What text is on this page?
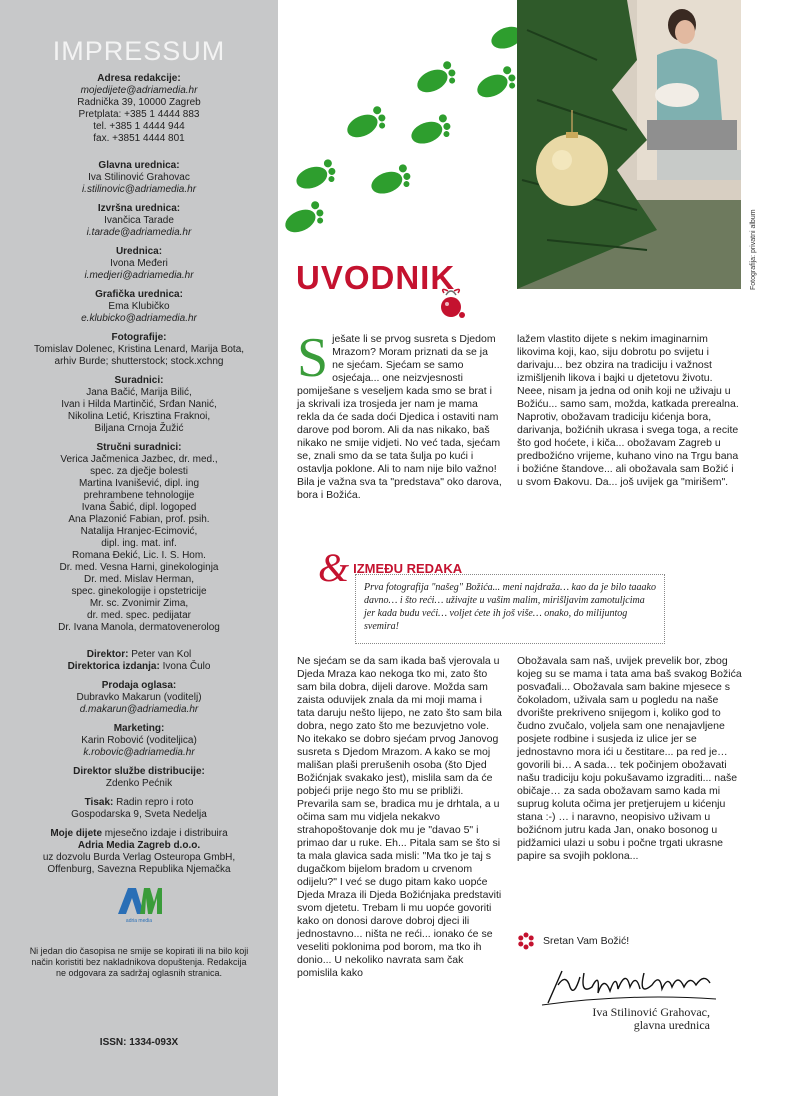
IMPRESSUM
Adresa redakcije:
mojedijete@adriamedia.hr
Radnička 39, 10000 Zagreb
Pretplata: +385 1 4444 883
tel. +385 1 4444 944
fax. +3851 4444 801
Glavna urednica:
Iva Stilinović Grahovac
i.stilinovic@adriamedia.hr
Izvršna urednica:
Ivančica Tarade
i.tarade@adriamedia.hr
Urednica:
Ivona Međeri
i.medjeri@adriamedia.hr
Grafička urednica:
Ema Klubičko
e.klubicko@adriamedia.hr
Fotografije:
Tomislav Dolenec, Kristina Lenard, Marija Bota,
arhiv Burde; shutterstock; stock.xchng
Suradnici:
Jana Bačić, Marija Bilić,
Ivan i Hilda Martinčić, Srđan Nanić,
Nikolina Letić, Krisztina Fraknoi,
Biljana Crnoja Žužić
Stručni suradnici:
Verica Jačmenica Jazbec, dr. med.,
spec. za dječje bolesti
Martina Ivanišević, dipl. ing
prehrambene tehnologije
Ivana Šabić, dipl. logoped
Ana Plazonić Fabian, prof. psih.
Natalija Hranjec-Ecimović,
dipl. ing. mat. inf.
Romana Đekić, Lic. I. S. Hom.
Dr. med. Vesna Harni, ginekologinja
Dr. med. Mislav Herman,
spec. ginekologije i opstetricije
Mr. sc. Zvonimir Zima,
dr. med. spec. pedijatar
Dr. Ivana Manola, dermatovenerolog
Direktor: Peter van Kol
Direktorica izdanja: Ivona Čulo
Prodaja oglasa:
Dubravko Makarun (voditelj)
d.makarun@adriamedia.hr
Marketing:
Karin Robović (voditeljica)
k.robovic@adriamedia.hr
Direktor službe distribucije:
Zdenko Pećnik
Tisak: Radin repro i roto
Gospodarska 9, Sveta Nedelja
Moje dijete mjesečno izdaje i distribuira
Adria Media Zagreb d.o.o.
uz dozvolu Burda Verlag Osteuropa GmbH,
Offenburg, Savezna Republika Njemačka
adria media

Ni jedan dio časopisa ne smije se kopirati ili na bilo koji način koristiti bez nakladnikova dopuštenja. Redakcija ne odgovara za sadržaj oglasnih stranica.

ISSN: 1334-093X
Fotografija: privatni album
UVODNIK
S ješate li se prvog susreta s Djedom Mrazom? Moram priznati da se ja ne sjećam. Sjećam se samo osjećaja... one neizvjesnosti pomiješane s veseljem kada smo se brat i ja skrivali iza trosjeda jer nam je mama rekla da će sada doći Djedica i ostaviti nam darove pod borom. Ali da nas nikako, baš nikako ne smije vidjeti. No već tada, sjećam se, znali smo da se tata šulja po kući i ostavlja poklone. Ali to nam nije bilo važno! Bila je važna sva ta "predstava" oko darova, bora i Božića.

lažem vlastito dijete s nekim imaginarnim likovima koji, kao, siju dobrotu po svijetu i darivaju... bez obzira na tradiciju i važnost izmišljenih likova i bajki u djetetovu životu. Neee, nisam ja jedna od onih koji ne uživaju u Božiću... samo sam, možda, katkada prerealna. Naprotiv, obožavam tradiciju kićenja bora, darivanja, božićnih ukrasa i svega toga, a recite što god hoćete, i kiča... obožavam Zagreb u predbožićno vrijeme, kuhano vino na Trgu bana i božićne štandove... ali obožavala sam Božić i u svom Đakovu. Da... još uvijek ga "mirišem".

& IZMEĐU REDAKA

Prva fotografija "našeg" Božića... meni najdraža… kao da je bilo taaako davno… i što reći… uživajte u vašim malim, mirišljavim zamotuljcima jer kada budu veći… voljet ćete ih još više… onako, do milijuntog svemira!

Ne sjećam se da sam ikada baš vjerovala u Djeda Mraza kao nekoga tko mi, zato što sam bila dobra, dijeli darove. Možda sam zaista oduvijek znala da mi moji mama i tata daruju nešto lijepo, ne zato što sam bila dobra, nego zato što me bezuvjetno vole. No itekako se dobro sjećam prvog Janovog susreta s Djedom Mrazom. A kako se moj mališan plaši prerušenih osoba (što Djed Božićnjak svakako jest), mislila sam da će pobjeći prije nego što mu se približi. Prevarila sam se, bradica mu je drhtala, a u očima sam mu vidjela nekakvo strahopoštovanje dok mu je "davao 5" i primao dar u ruke. Eh... Pitala sam se što si ta mala glavica sada misli: "Ma tko je taj s dugačkom bijelom bradom u crvenom odijelu?" I već se dugo pitam kako uopće Djeda Mraza ili Djeda Božićnjaka predstaviti svom djetetu. Trebam li mu uopće govoriti kako on donosi darove dobroj djeci ili jednostavno... ništa ne reći... ionako će se veseliti poklonima pod borom, ma tko ih donio... U nekoliko navrata sam čak pomislila kako

Obožavala sam naš, uvijek prevelik bor, zbog kojeg su se mama i tata ama baš svakog Božića posvađali... Obožavala sam bakine mjesece s čokoladom, uživala sam u pogledu na naše dvorište prekriveno snijegom i, koliko god to čudno zvučalo, voljela sam one nenajavljene posjete rodbine i susjeda iz ulice jer se jednostavno mora ići u čestitare... pa red je… govorili bi… A sada… tek počinjem obožavati našu tradiciju koju pokušavamo izgraditi... naše običaje… za sada obožavam samo kada mi suprug koluta očima jer pretjerujem u kićenju stana :-) … i naravno, neopisivo uživam u božićnom jutru kada Jan, onako bosonog u pidžamici ulazi u sobu i počne trgati ukrasne papire sa svojih poklona...

Sretan Vam Božić!
Iva Stilinović Grahovac,
glavna urednica
